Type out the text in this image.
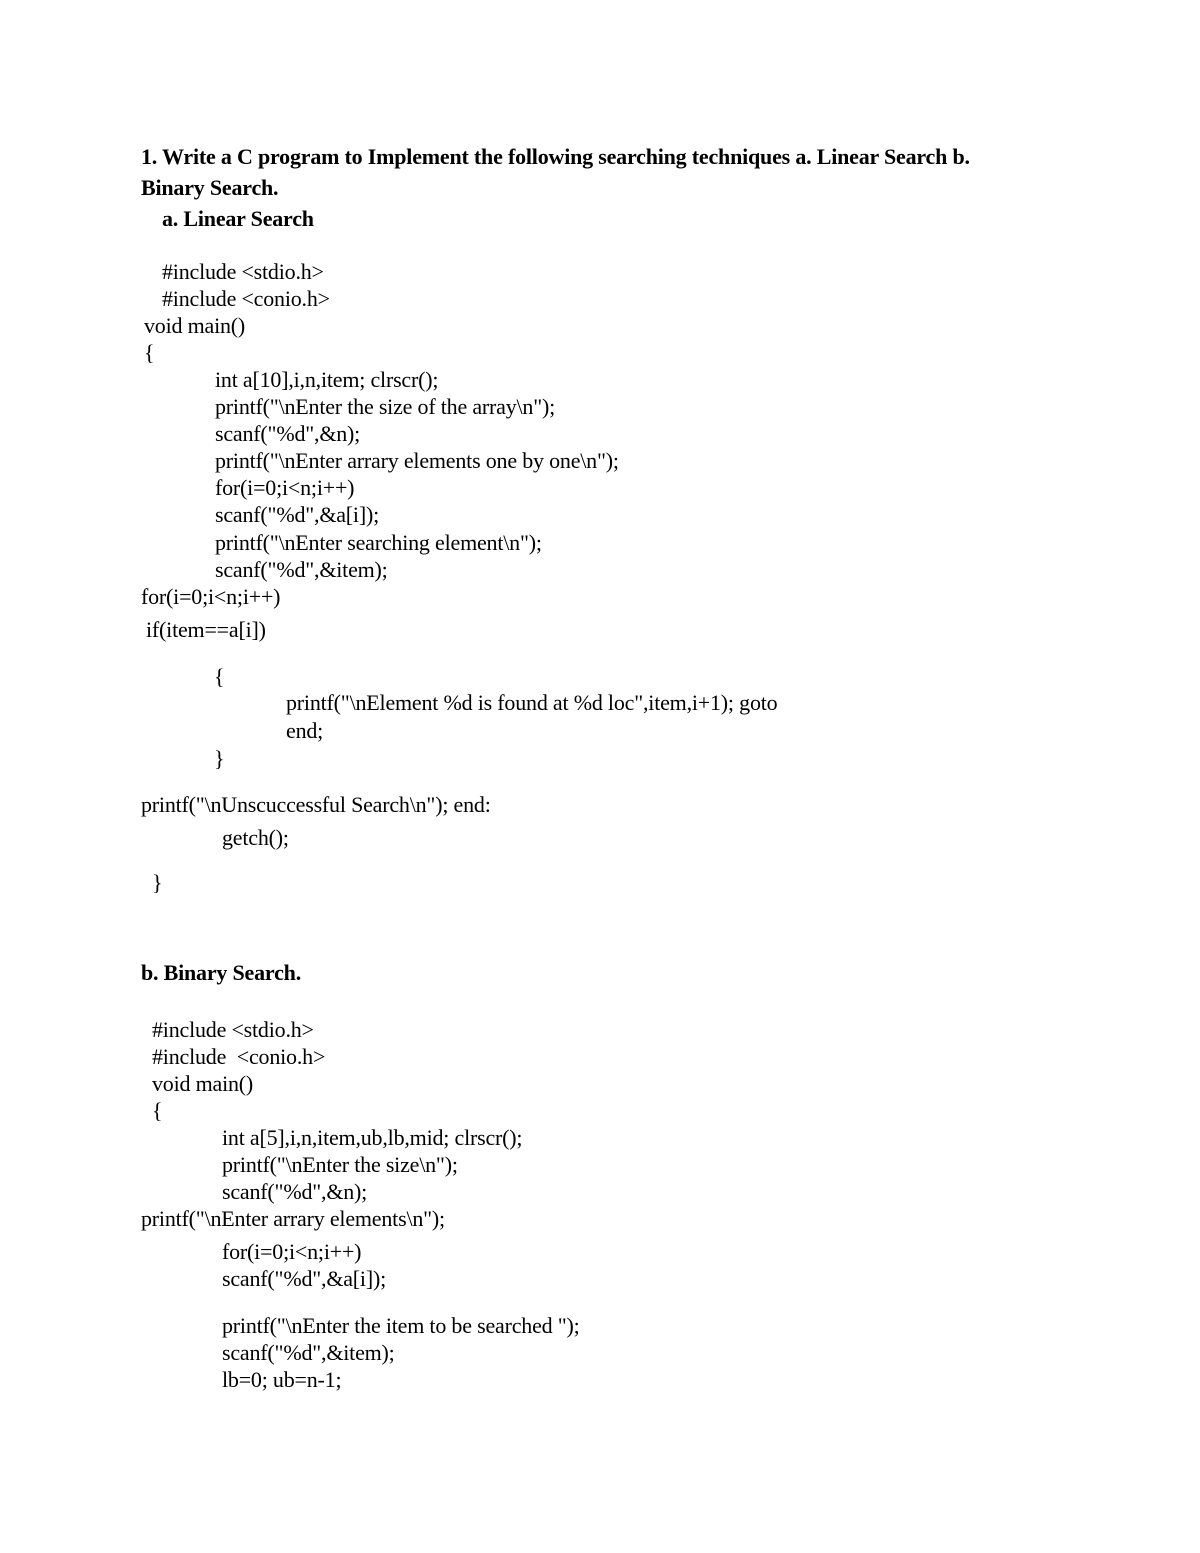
1. Write a C program to Implement the following searching techniques a. Linear Search b.
Binary Search.
a. Linear Search
#include <stdio.h>
#include <conio.h>
void main()
{
int a[10],i,n,item; clrscr();
printf("\nEnter the size of the array\n");
scanf("%d",&n);
printf("\nEnter arrary elements one by one\n");
for(i=0;i<n;i++)
scanf("%d",&a[i]);
printf("\nEnter searching element\n");
scanf("%d",&item);
for(i=0;i<n;i++)
if(item==a[i])
{
printf("\nElement %d is found at %d loc",item,i+1); goto
end;
}
printf("\nUnscuccessful Search\n"); end:
getch();
}
b. Binary Search.
#include <stdio.h>
#include  <conio.h>
void main()
{
int a[5],i,n,item,ub,lb,mid; clrscr();
printf("\nEnter the size\n");
scanf("%d",&n);
printf("\nEnter arrary elements\n");
for(i=0;i<n;i++)
scanf("%d",&a[i]);
printf("\nEnter the item to be searched ");
scanf("%d",&item);
lb=0; ub=n-1;
